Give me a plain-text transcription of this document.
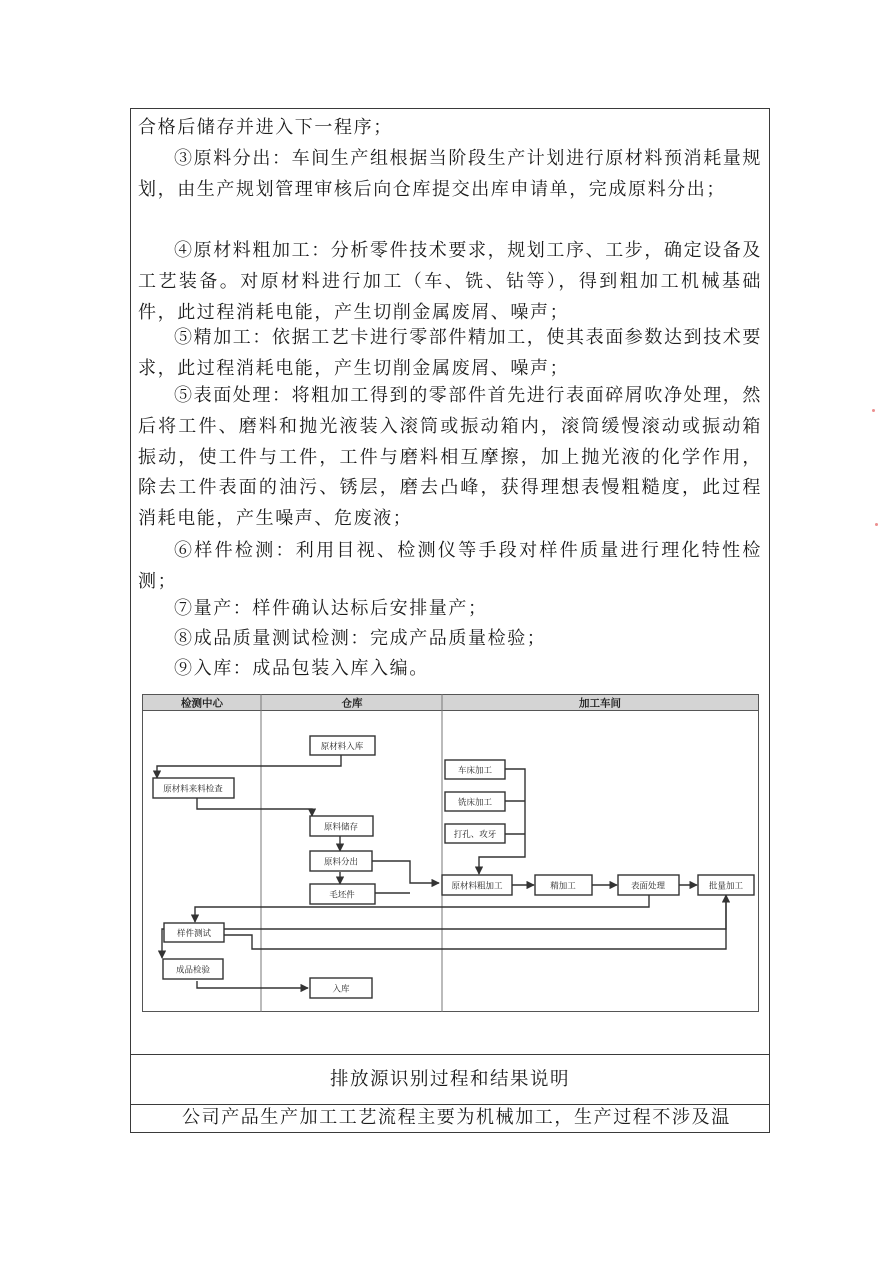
合格后储存并进入下一程序；

③原料分出：车间生产组根据当阶段生产计划进行原材料预消耗量规划，由生产规划管理审核后向仓库提交出库申请单，完成原料分出；

④原材料粗加工：分析零件技术要求，规划工序、工步，确定设备及工艺装备。对原材料进行加工（车、铣、钻等），得到粗加工机械基础件，此过程消耗电能，产生切削金属废屑、噪声；

⑤精加工：依据工艺卡进行零部件精加工，使其表面参数达到技术要求，此过程消耗电能，产生切削金属废屑、噪声；

⑤表面处理：将粗加工得到的零部件首先进行表面碎屑吹净处理，然后将工件、磨料和抛光液装入滚筒或振动箱内，滚筒缓慢滚动或振动箱振动，使工件与工件，工件与磨料相互摩擦，加上抛光液的化学作用，除去工件表面的油污、锈层，磨去凸峰，获得理想表慢粗糙度，此过程消耗电能，产生噪声、危废液；

⑥样件检测：利用目视、检测仪等手段对样件质量进行理化特性检测；

⑦量产：样件确认达标后安排量产；

⑧成品质量测试检测：完成产品质量检验；

⑨入库：成品包装入库入编。

检测中心	仓库	加工车间
原材料入库
原材料来料检查
原料储存
原料分出
毛坯件
车床加工
铣床加工
打孔、攻牙
原材料粗加工	精加工	表面处理	批量加工
样件测试
成品检验
入库
排放源识别过程和结果说明
公司产品生产加工工艺流程主要为机械加工，生产过程不涉及温
